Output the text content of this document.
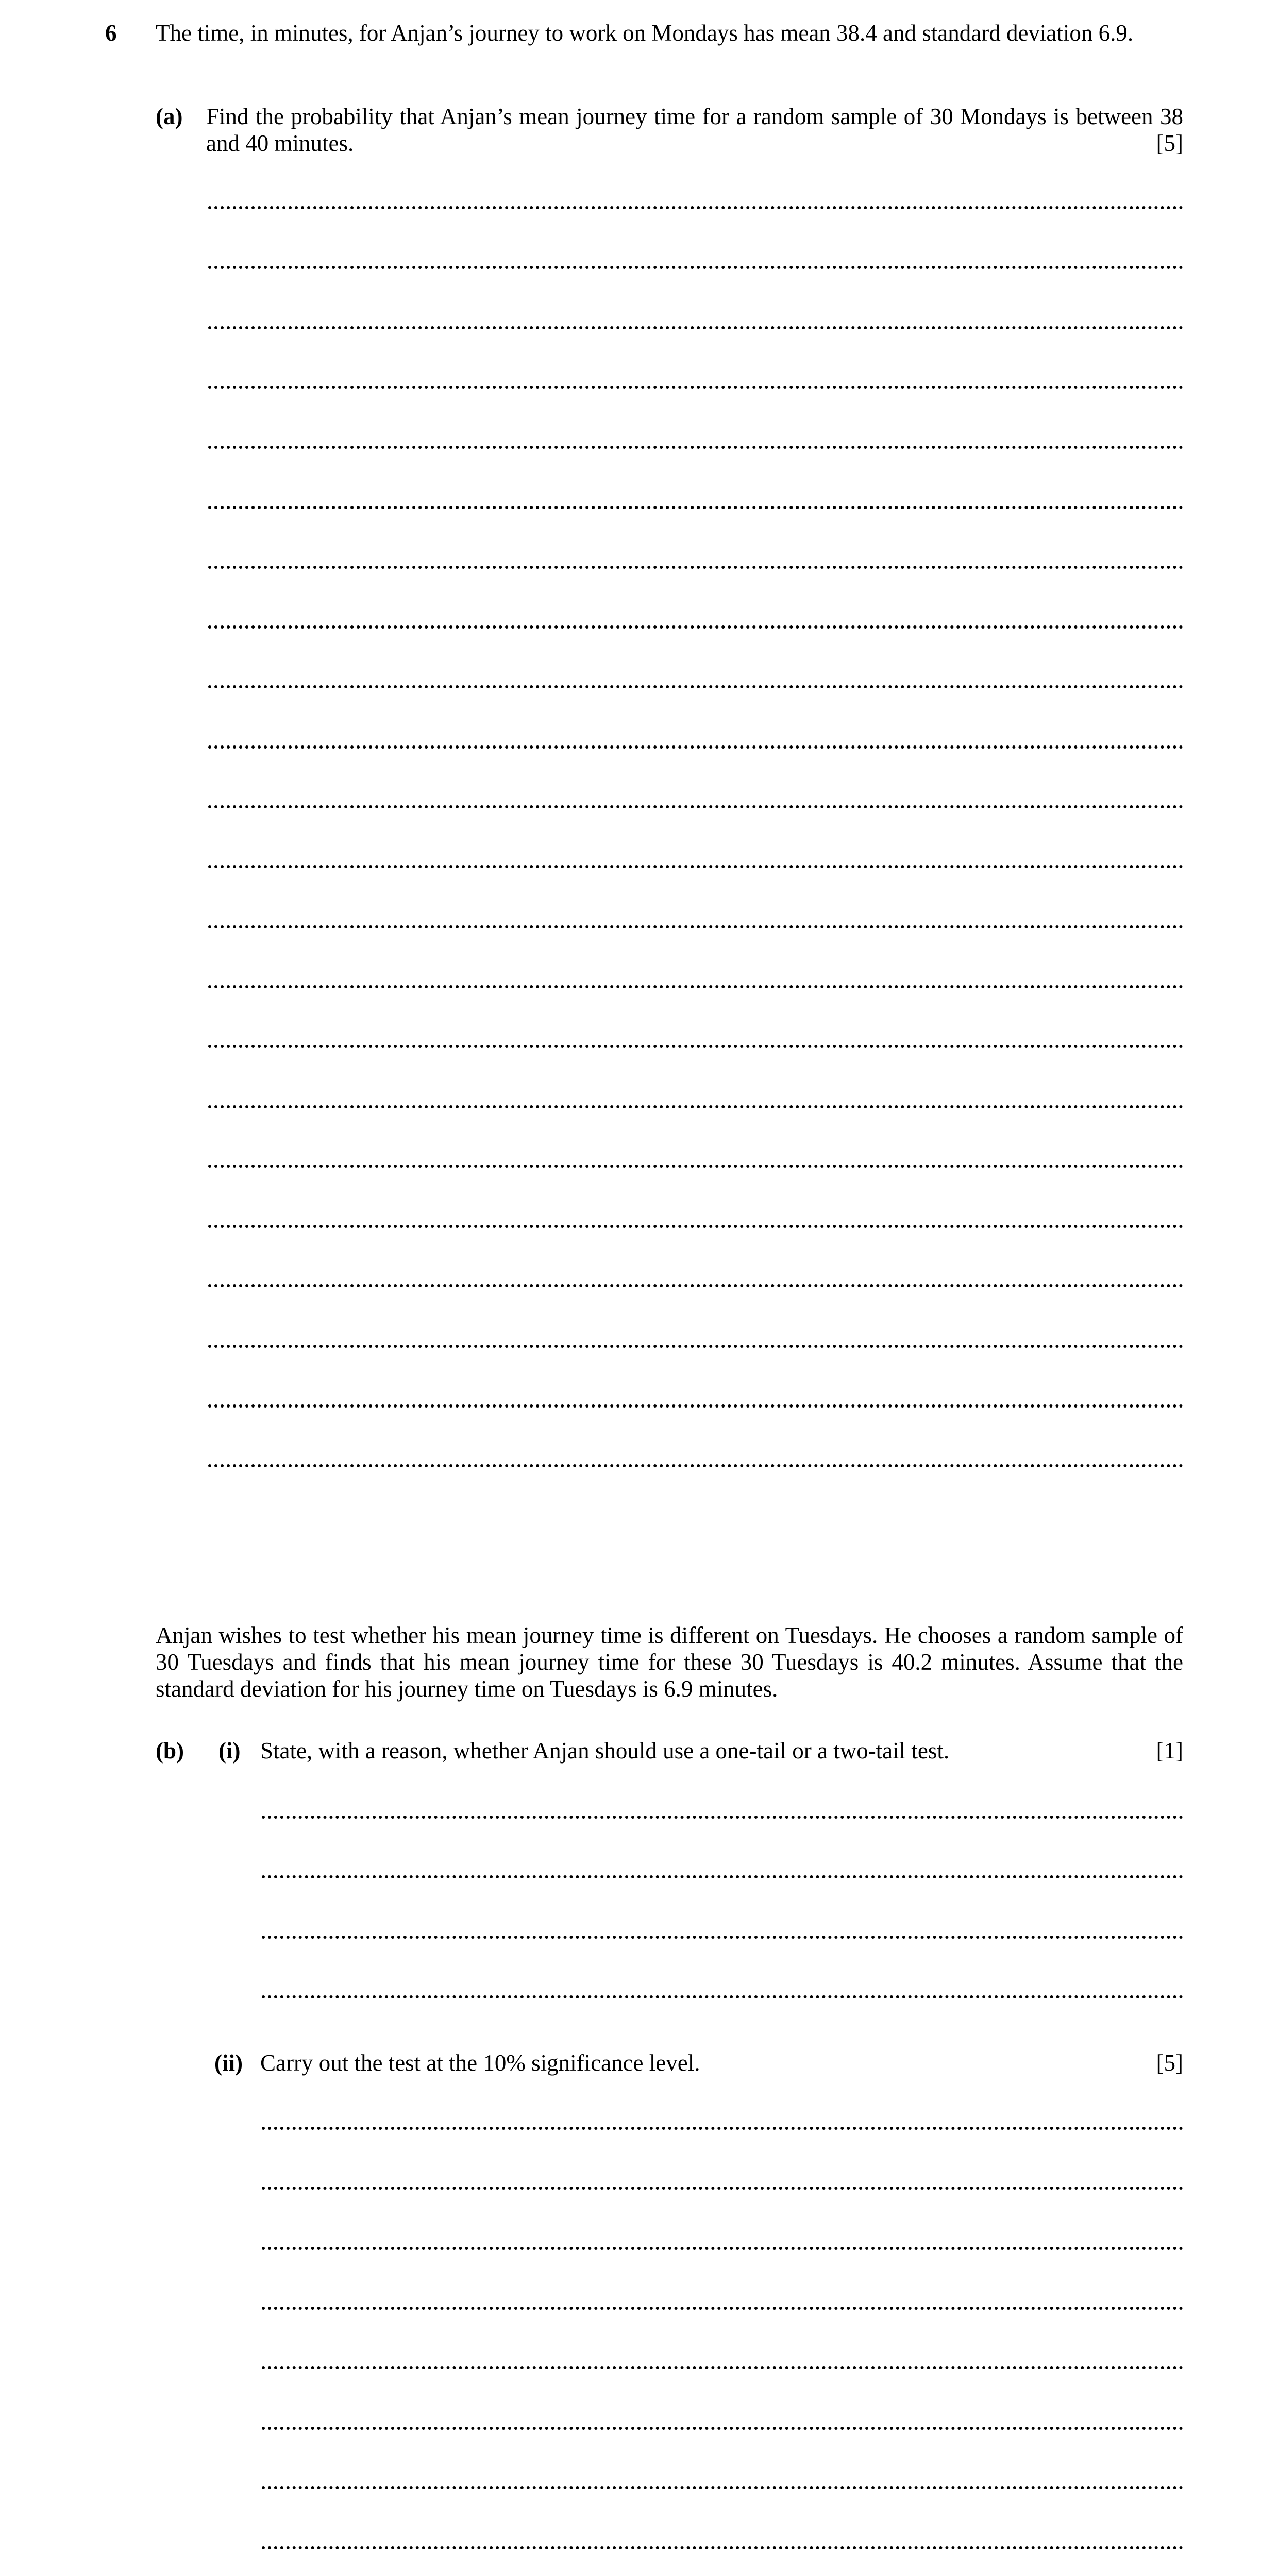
6 The time, in minutes, for Anjan’s journey to work on Mondays has mean 38.4 and standard deviation 6.9.

(a) Find the probability that Anjan’s mean journey time for a random sample of 30 Mondays is between 38 and 40 minutes.	[5]

Anjan wishes to test whether his mean journey time is different on Tuesdays. He chooses a random sample of 30 Tuesdays and finds that his mean journey time for these 30 Tuesdays is 40.2 minutes. Assume that the standard deviation for his journey time on Tuesdays is 6.9 minutes.

(b) (i) State, with a reason, whether Anjan should use a one-tail or a two-tail test.	[1]
(ii) Carry out the test at the 10% significance level.	[5]
